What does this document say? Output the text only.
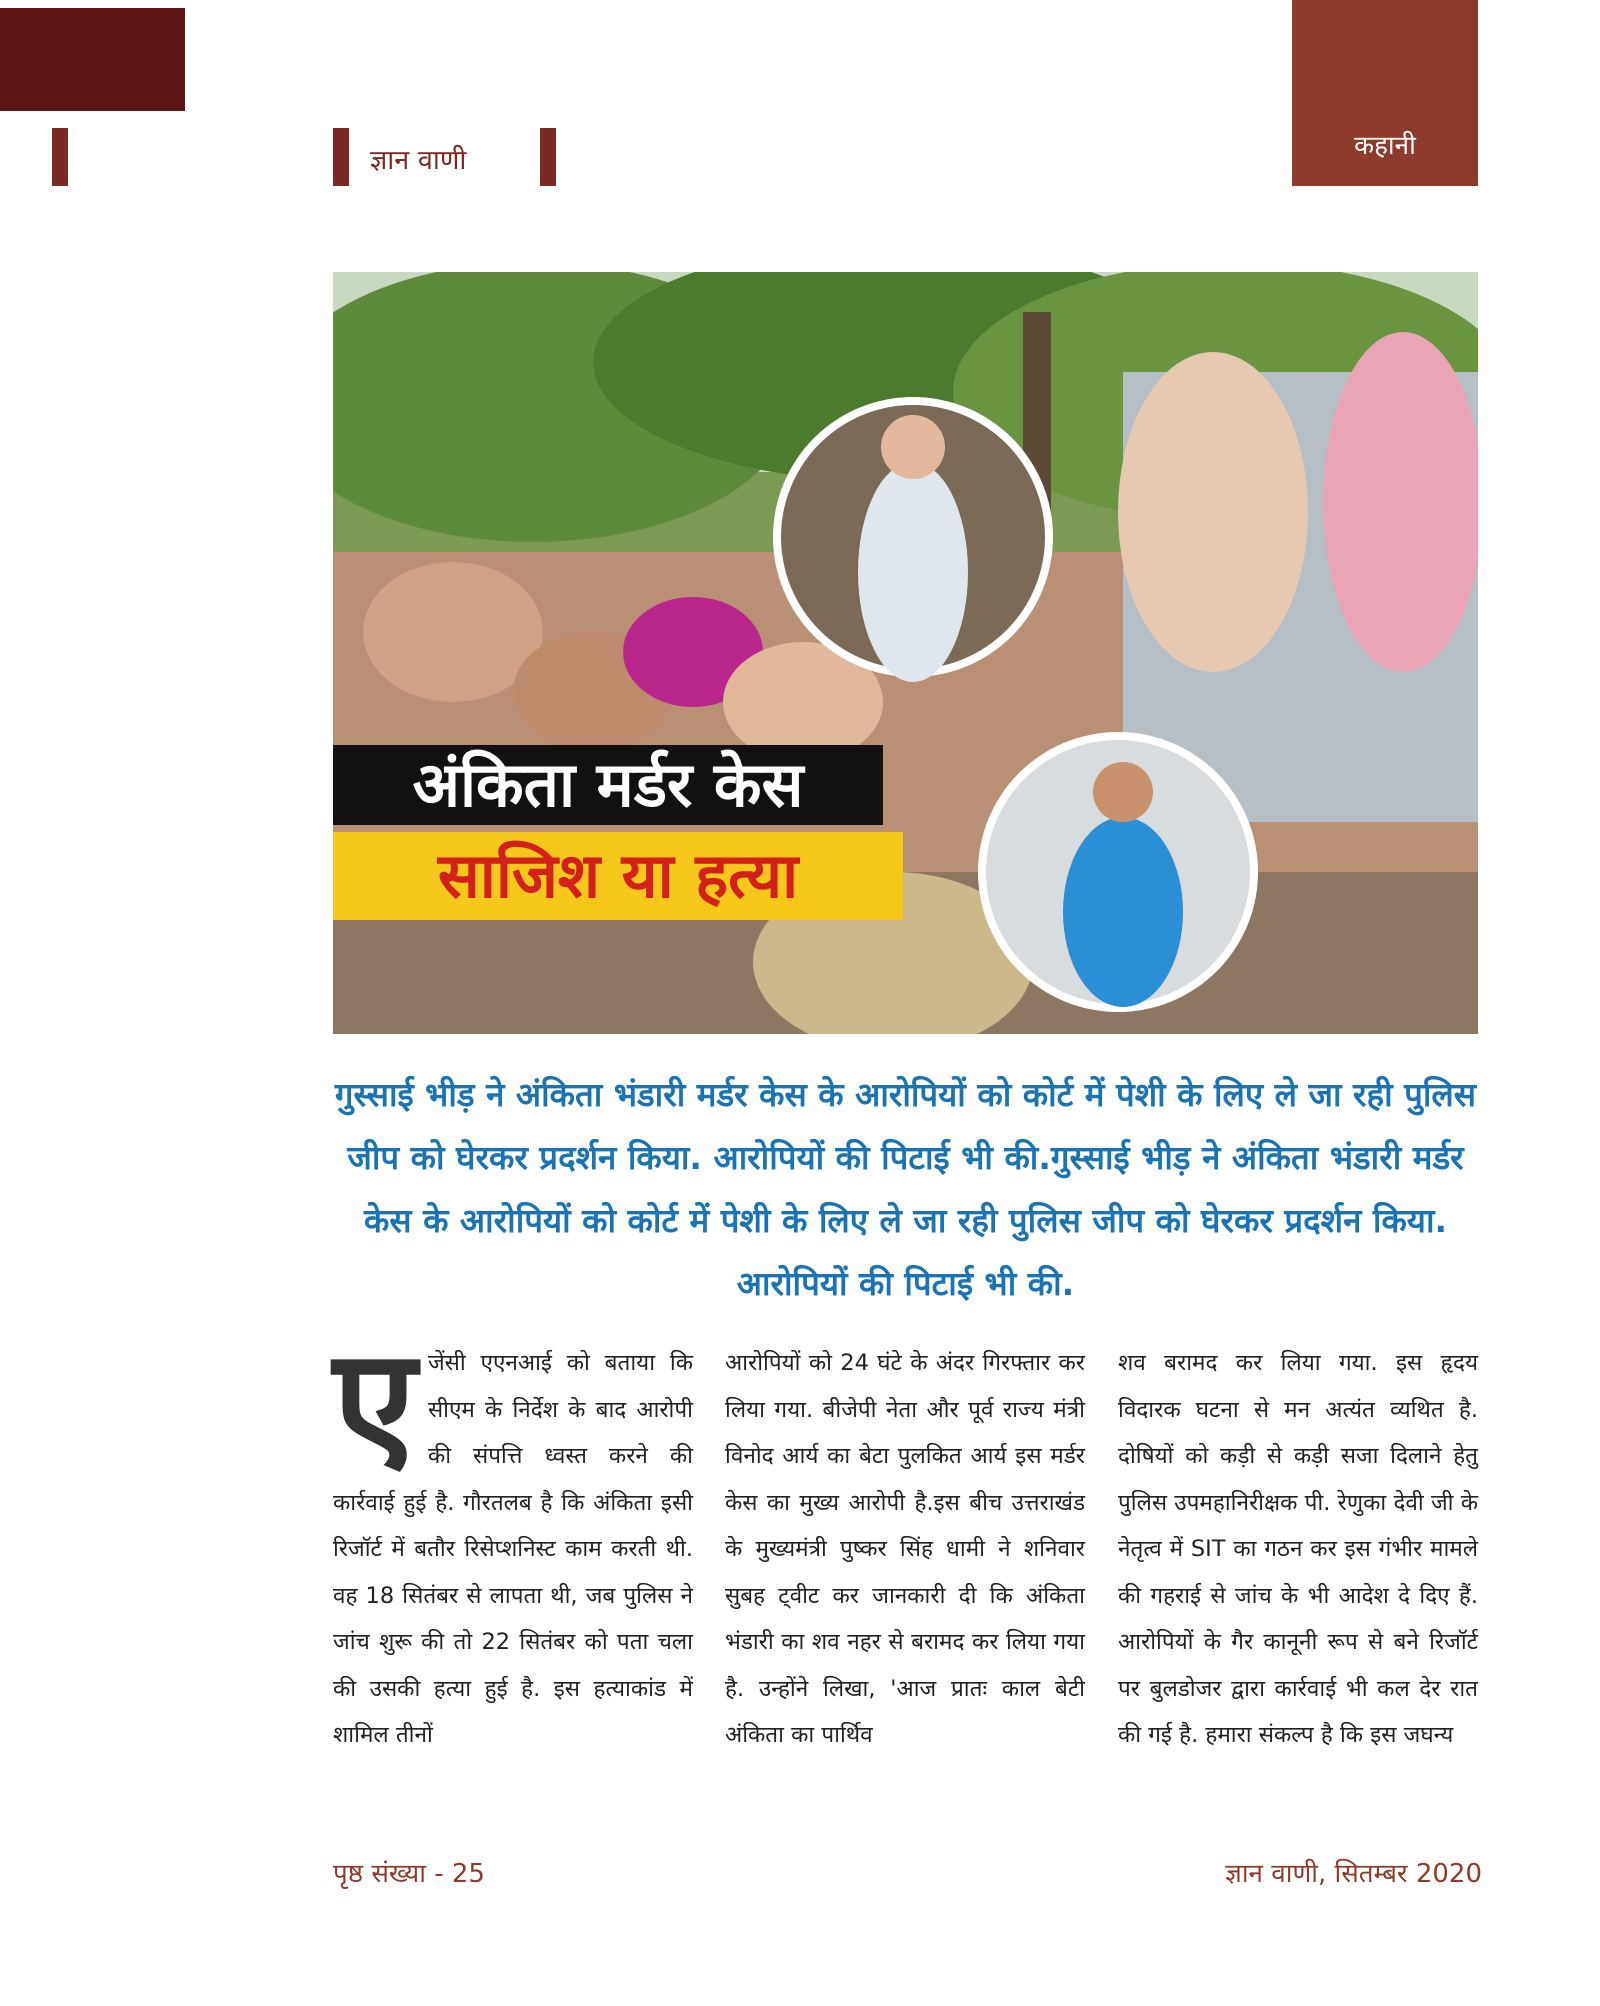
कहानी
ज्ञान वाणी
अंकिता मर्डर केस
साजिश या हत्या
गुस्साई भीड़ ने अंकिता भंडारी मर्डर केस के आरोपियों को कोर्ट में पेशी के लिए ले जा रही पुलिस जीप को घेरकर प्रदर्शन किया. आरोपियों की पिटाई भी की.गुस्साई भीड़ ने अंकिता भंडारी मर्डर केस के आरोपियों को कोर्ट में पेशी के लिए ले जा रही पुलिस जीप को घेरकर प्रदर्शन किया. आरोपियों की पिटाई भी की.
ए जेंसी एएनआई को बताया कि सीएम के निर्देश के बाद आरोपी की संपत्ति ध्वस्त करने की कार्रवाई हुई है. गौरतलब है कि अंकिता इसी रिजॉर्ट में बतौर रिसेप्शनिस्ट काम करती थी. वह 18 सितंबर से लापता थी, जब पुलिस ने जांच शुरू की तो 22 सितंबर को पता चला की उसकी हत्या हुई है. इस हत्याकांड में शामिल तीनों
आरोपियों को 24 घंटे के अंदर गिरफ्तार कर लिया गया. बीजेपी नेता और पूर्व राज्य मंत्री विनोद आर्य का बेटा पुलकित आर्य इस मर्डर केस का मुख्य आरोपी है.इस बीच उत्तराखंड के मुख्यमंत्री पुष्कर सिंह धामी ने शनिवार सुबह ट्वीट कर जानकारी दी कि अंकिता भंडारी का शव नहर से बरामद कर लिया गया है. उन्होंने लिखा, 'आज प्रातः काल बेटी अंकिता का पार्थिव
शव बरामद कर लिया गया. इस हृदय विदारक घटना से मन अत्यंत व्यथित है. दोषियों को कड़ी से कड़ी सजा दिलाने हेतु पुलिस उपमहानिरीक्षक पी. रेणुका देवी जी के नेतृत्व में SIT का गठन कर इस गंभीर मामले की गहराई से जांच के भी आदेश दे दिए हैं. आरोपियों के गैर कानूनी रूप से बने रिजॉर्ट पर बुलडोजर द्वारा कार्रवाई भी कल देर रात की गई है. हमारा संकल्प है कि इस जघन्य
पृष्ठ संख्या - 25	ज्ञान वाणी, सितम्बर 2020
